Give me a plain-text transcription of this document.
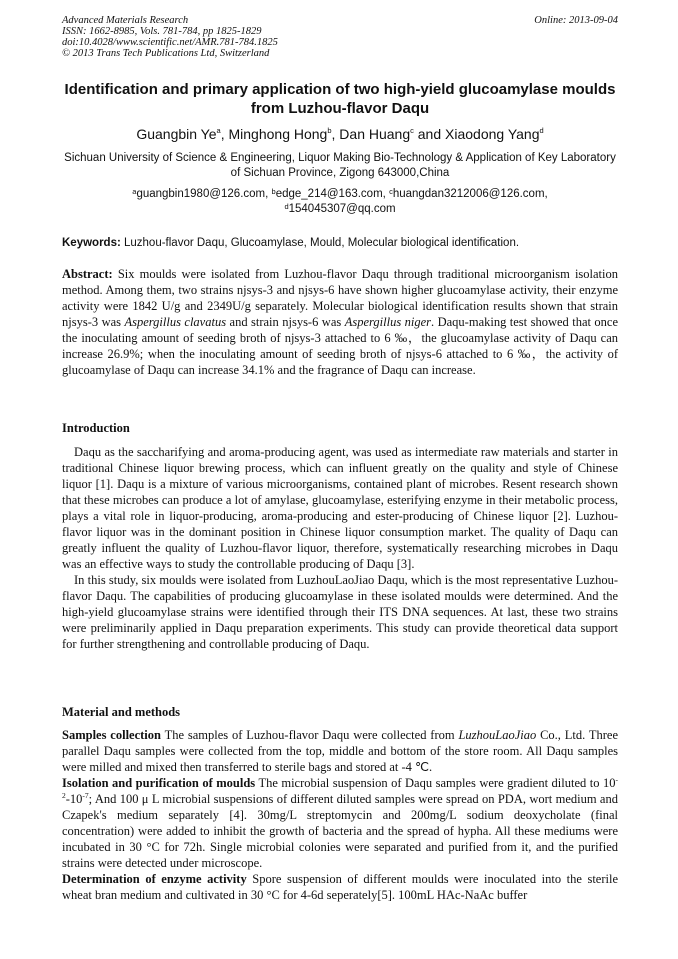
Advanced Materials Research
ISSN: 1662-8985, Vols. 781-784, pp 1825-1829
doi:10.4028/www.scientific.net/AMR.781-784.1825
© 2013 Trans Tech Publications Ltd, Switzerland
Online: 2013-09-04
Identification and primary application of two high-yield glucoamylase moulds from Luzhou-flavor Daqu
Guangbin Ye$^a$, Minghong Hong$^b$, Dan Huang$^c$ and Xiaodong Yang$^d$
Sichuan University of Science & Engineering, Liquor Making Bio-Technology & Application of Key Laboratory of Sichuan Province, Zigong 643000,China
$^a$guangbin1980@126.com, $^b$edge_214@163.com, $^c$huangdan3212006@126.com,
$^d$154045307@qq.com
Keywords: Luzhou-flavor Daqu, Glucoamylase, Mould, Molecular biological identification.

Abstract: Six moulds were isolated from Luzhou-flavor Daqu through traditional microorganism isolation method. Among them, two strains njsys-3 and njsys-6 have shown higher glucoamylase activity, their enzyme activity were 1842 U/g and 2349U/g separately. Molecular biological identification results shown that strain njsys-3 was Aspergillus clavatus and strain njsys-6 was Aspergillus niger. Daqu-making test showed that once the inoculating amount of seeding broth of njsys-3 attached to 6 ‰，the glucoamylase activity of Daqu can increase 26.9%; when the inoculating amount of seeding broth of njsys-6 attached to 6 ‰，the activity of glucoamylase of Daqu can increase 34.1% and the fragrance of Daqu can increase.

Introduction

Daqu as the saccharifying and aroma-producing agent, was used as intermediate raw materials and starter in traditional Chinese liquor brewing process, which can influent greatly on the quality and style of Chinese liquor [1]. Daqu is a mixture of various microorganisms, contained plant of microbes. Resent research shown that these microbes can produce a lot of amylase, glucoamylase, esterifying enzyme in their metabolic process, plays a vital role in liquor-producing, aroma-producing and ester-producing of Chinese liquor [2]. Luzhou-flavor liquor was in the dominant position in Chinese liquor consumption market. The quality of Daqu can greatly influent the quality of Luzhou-flavor liquor, therefore, systematically researching microbes in Daqu was an effective ways to study the controllable producing of Daqu [3].

In this study, six moulds were isolated from LuzhouLaoJiao Daqu, which is the most representative Luzhou-flavor Daqu. The capabilities of producing glucoamylase in these isolated moulds were determined. And the high-yield glucoamylase strains were identified through their ITS DNA sequences. At last, these two strains were preliminarily applied in Daqu preparation experiments. This study can provide theoretical data support for further strengthening and controllable producing of Daqu.

Material and methods

Samples collection The samples of Luzhou-flavor Daqu were collected from LuzhouLaoJiao Co., Ltd. Three parallel Daqu samples were collected from the top, middle and bottom of the store room. All Daqu samples were milled and mixed then transferred to sterile bags and stored at -4 ℃.

Isolation and purification of moulds The microbial suspension of Daqu samples were gradient diluted to $10^{-2}-10^{-7}$; And 100 μ L microbial suspensions of different diluted samples were spread on PDA, wort medium and Czapek's medium separately [4]. 30mg/L streptomycin and 200mg/L sodium deoxycholate (final concentration) were added to inhibit the growth of bacteria and the spread of hypha. All these mediums were incubated in 30 °C for 72h. Single microbial colonies were separated and purified from it, and the purified strains were detected under microscope.

Determination of enzyme activity Spore suspension of different moulds were inoculated into the sterile wheat bran medium and cultivated in 30 °C for 4-6d seperately[5]. 100mL HAc-NaAc buffer
